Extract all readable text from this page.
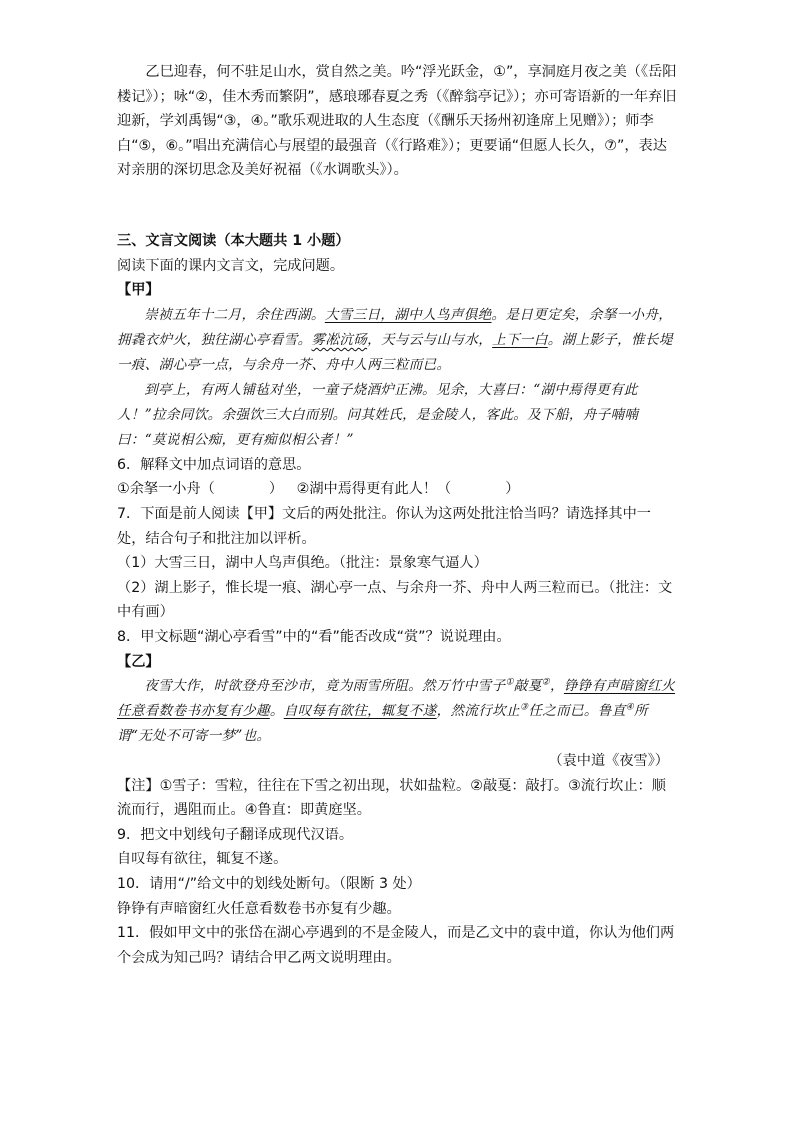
乙巳迎春，何不驻足山水，赏自然之美。吟“浮光跃金，①”，享洞庭月夜之美（《岳阳楼记》）；咏“②，佳木秀而繁阴”，感琅琊春夏之秀（《醉翁亭记》）；亦可寄语新的一年弃旧迎新，学刘禹锡“③，④。”歌乐观进取的人生态度（《酬乐天扬州初逢席上见赠》）；师李白“⑤，⑥。”唱出充满信心与展望的最强音（《行路难》）；更要诵“但愿人长久，⑦”，表达对亲朋的深切思念及美好祝福（《水调歌头》）。

三、文言文阅读（本大题共 1 小题）

阅读下面的课内文言文，完成问题。

【甲】

崇祯五年十二月，余住西湖。大雪三日，湖中人鸟声俱绝。是日更定矣，余拏一小舟，拥毳衣炉火，独往湖心亭看雪。雾凇沆砀，天与云与山与水，上下一白。湖上影子，惟长堤一痕、湖心亭一点，与余舟一芥、舟中人两三粒而已。

到亭上，有两人铺毡对坐，一童子烧酒炉正沸。见余，大喜曰：“湖中焉得更有此人！”拉余同饮。余强饮三大白而别。问其姓氏，是金陵人，客此。及下船，舟子喃喃曰：“莫说相公痴，更有痴似相公者！”

6．解释文中加点词语的意思。

①余拏一小舟（	） ②湖中焉得更有此人！（	）

7．下面是前人阅读【甲】文后的两处批注。你认为这两处批注恰当吗？请选择其中一处，结合句子和批注加以评析。

（1）大雪三日，湖中人鸟声俱绝。（批注：景象寒气逼人）

（2）湖上影子，惟长堤一痕、湖心亭一点、与余舟一芥、舟中人两三粒而已。（批注：文中有画）

8．甲文标题“湖心亭看雪”中的“看”能否改成“赏”？说说理由。

【乙】

夜雪大作，时欲登舟至沙市，竟为雨雪所阻。然万竹中雪子①敲戛②，铮铮有声暗窗红火任意看数卷书亦复有少趣。自叹每有欲往，辄复不遂，然流行坎止③任之而已。鲁直④所谓“无处不可寄一梦”也。

（袁中道《夜雪》）

【注】①雪子：雪粒，往往在下雪之初出现，状如盐粒。②敲戛：敲打。③流行坎止：顺流而行，遇阻而止。④鲁直：即黄庭坚。

9．把文中划线句子翻译成现代汉语。

自叹每有欲往，辄复不遂。

10．请用“/”给文中的划线处断句。（限断 3 处）

铮铮有声暗窗红火任意看数卷书亦复有少趣。

11．假如甲文中的张岱在湖心亭遇到的不是金陵人，而是乙文中的袁中道，你认为他们两个会成为知己吗？请结合甲乙两文说明理由。
